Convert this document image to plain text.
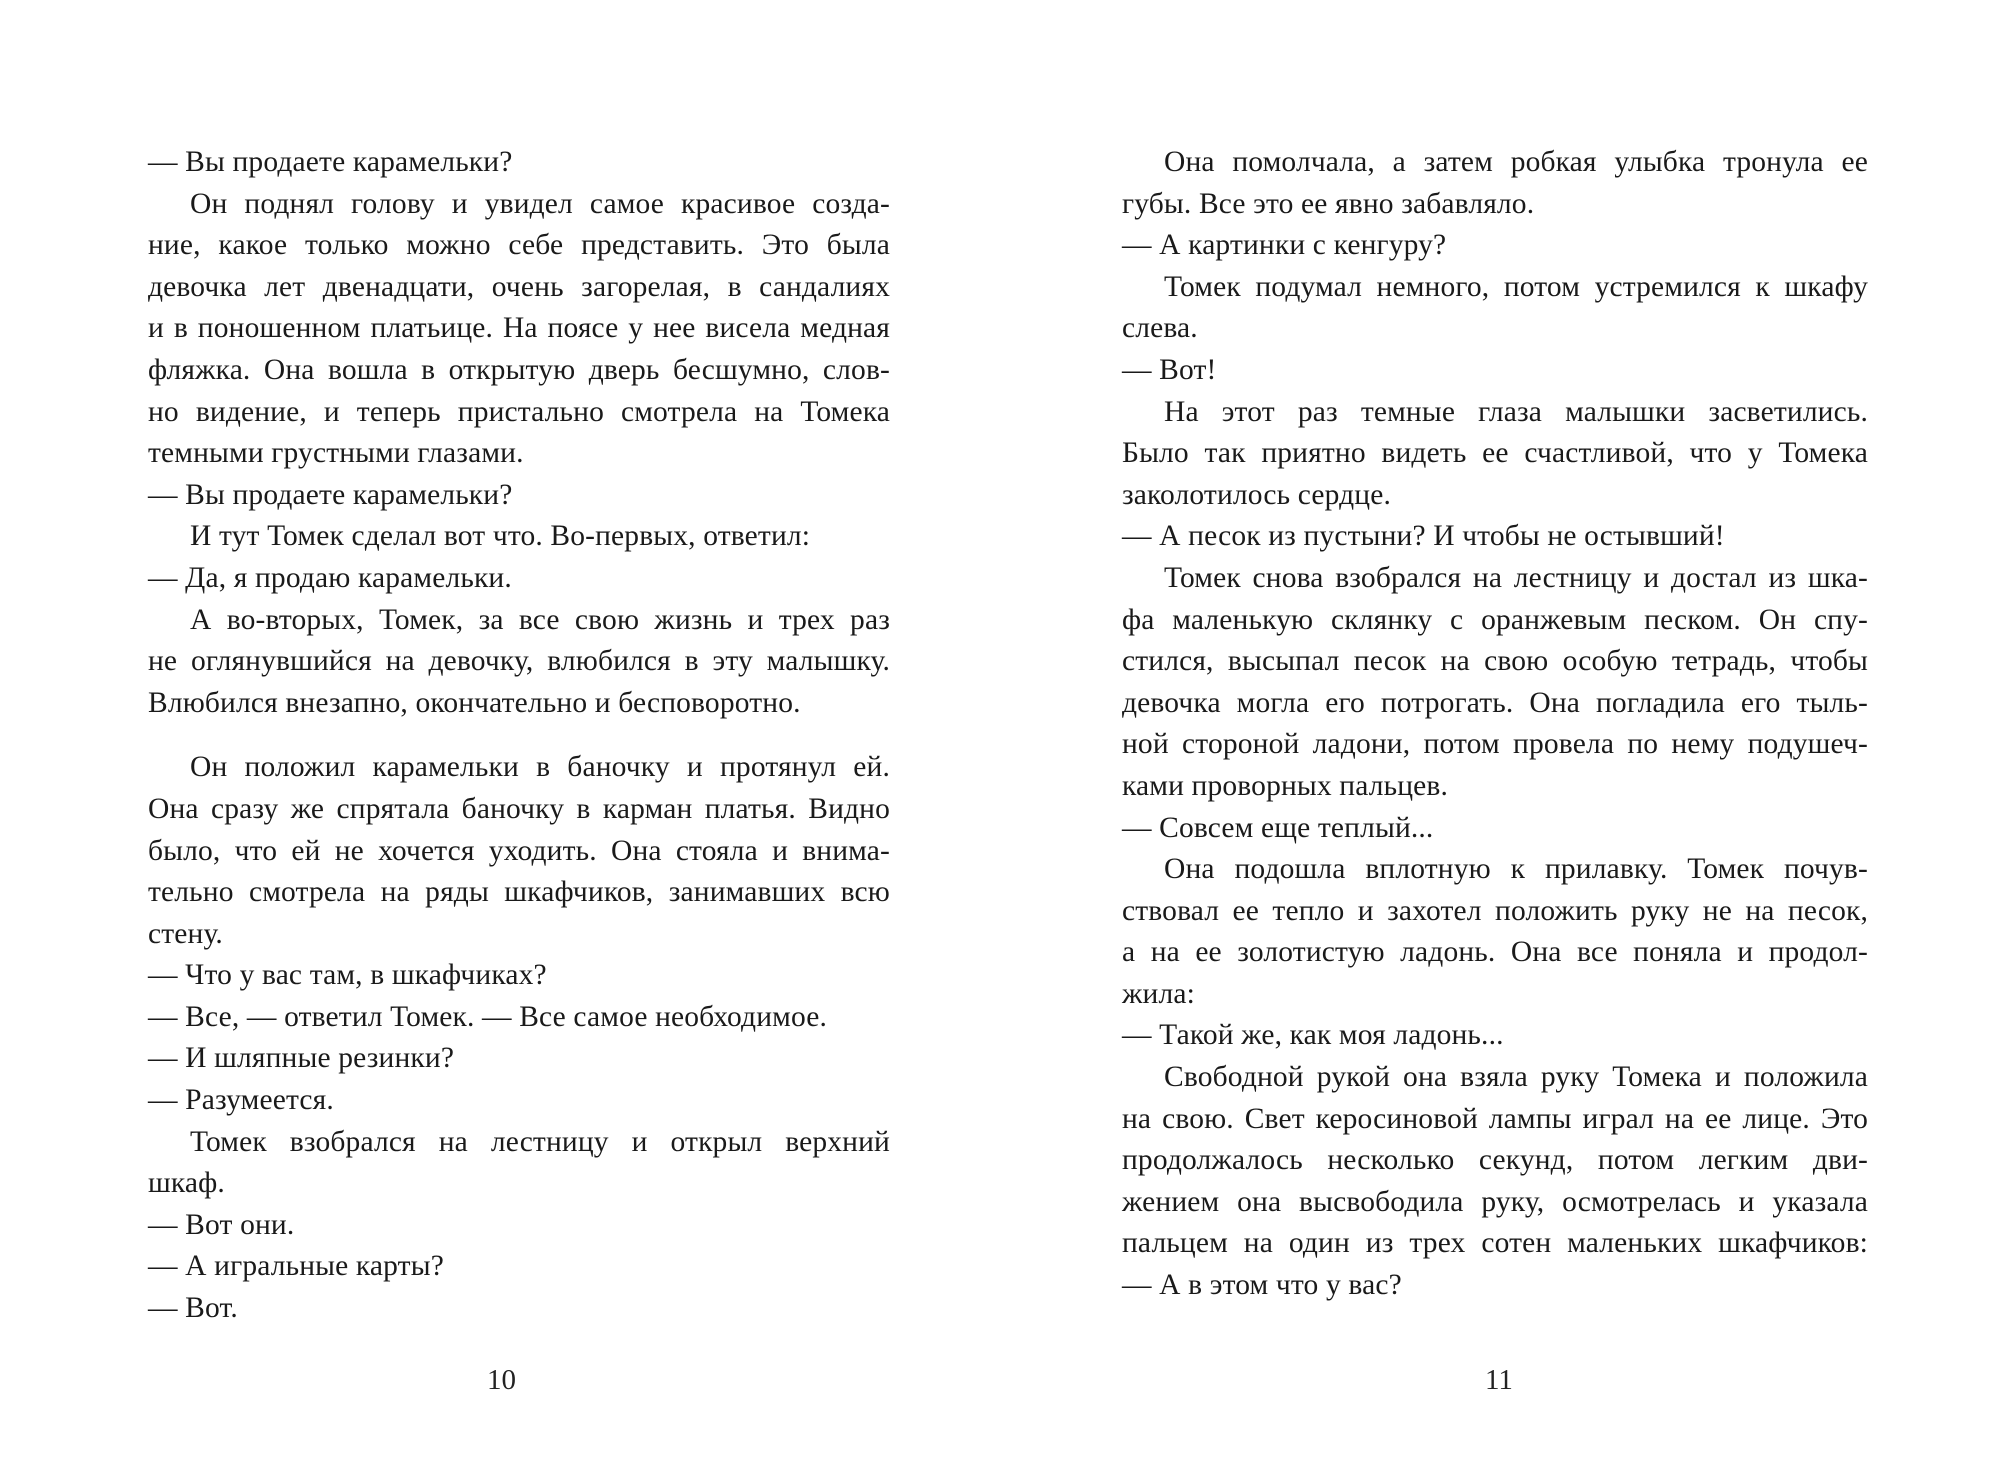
— Вы продаете карамельки?
Он поднял голову и увидел самое красивое созда-
ние, какое только можно себе представить. Это была
девочка лет двенадцати, очень загорелая, в сандалиях
и в поношенном платьице. На поясе у нее висела медная
фляжка. Она вошла в открытую дверь бесшумно, слов-
но видение, и теперь пристально смотрела на Томека
темными грустными глазами.
— Вы продаете карамельки?
И тут Томек сделал вот что. Во-первых, ответил:
— Да, я продаю карамельки.
А во-вторых, Томек, за все свою жизнь и трех раз
не оглянувшийся на девочку, влюбился в эту малышку.
Влюбился внезапно, окончательно и бесповоротно.
Он положил карамельки в баночку и протянул ей.
Она сразу же спрятала баночку в карман платья. Видно
было, что ей не хочется уходить. Она стояла и внима-
тельно смотрела на ряды шкафчиков, занимавших всю
стену.
— Что у вас там, в шкафчиках?
— Все, — ответил Томек. — Все самое необходимое.
— И шляпные резинки?
— Разумеется.
Томек взобрался на лестницу и открыл верхний
шкаф.
— Вот они.
— А игральные карты?
— Вот.
Она помолчала, а затем робкая улыбка тронула ее
губы. Все это ее явно забавляло.
— А картинки с кенгуру?
Томек подумал немного, потом устремился к шкафу
слева.
— Вот!
На этот раз темные глаза малышки засветились.
Было так приятно видеть ее счастливой, что у Томека
заколотилось сердце.
— А песок из пустыни? И чтобы не остывший!
Томек снова взобрался на лестницу и достал из шка-
фа маленькую склянку с оранжевым песком. Он спу-
стился, высыпал песок на свою особую тетрадь, чтобы
девочка могла его потрогать. Она погладила его тыль-
ной стороной ладони, потом провела по нему подушеч-
ками проворных пальцев.
— Совсем еще теплый...
Она подошла вплотную к прилавку. Томек почув-
ствовал ее тепло и захотел положить руку не на песок,
а на ее золотистую ладонь. Она все поняла и продол-
жила:
— Такой же, как моя ладонь...
Свободной рукой она взяла руку Томека и положила
на свою. Свет керосиновой лампы играл на ее лице. Это
продолжалось несколько секунд, потом легким дви-
жением она высвободила руку, осмотрелась и указала
пальцем на один из трех сотен маленьких шкафчиков:
— А в этом что у вас?
10	11
